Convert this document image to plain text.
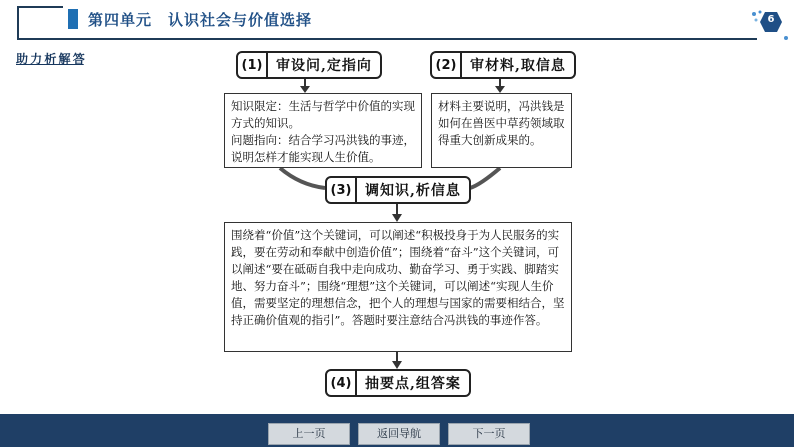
第四单元　认识社会与价值选择	6
助 力 析 解 答	(1) 审设问,定指向	(2) 审材料,取信息

知识限定：生活与哲学中价值的实现方式的知识。

问题指向：结合学习冯洪钱的事迹，说明怎样才能实现人生价值。

材料主要说明，冯洪钱是如何在兽医中草药领域取得重大创新成果的。

(3) 调知识,析信息

围绕着“价值”这个关键词，可以阐述“积极投身于为人民服务的实践，要在劳动和奉献中创造价值”；围绕着“奋斗”这个关键词，可以阐述“要在砥砺自我中走向成功、勤奋学习、勇于实践、脚踏实地、努力奋斗”；围绕“理想”这个关键词，可以阐述“实现人生价值，需要坚定的理想信念，把个人的理想与国家的需要相结合，坚持正确价值观的指引”。答题时要注意结合冯洪钱的事迹作答。

(4) 抽要点,组答案
上一页	返回导航	下一页
